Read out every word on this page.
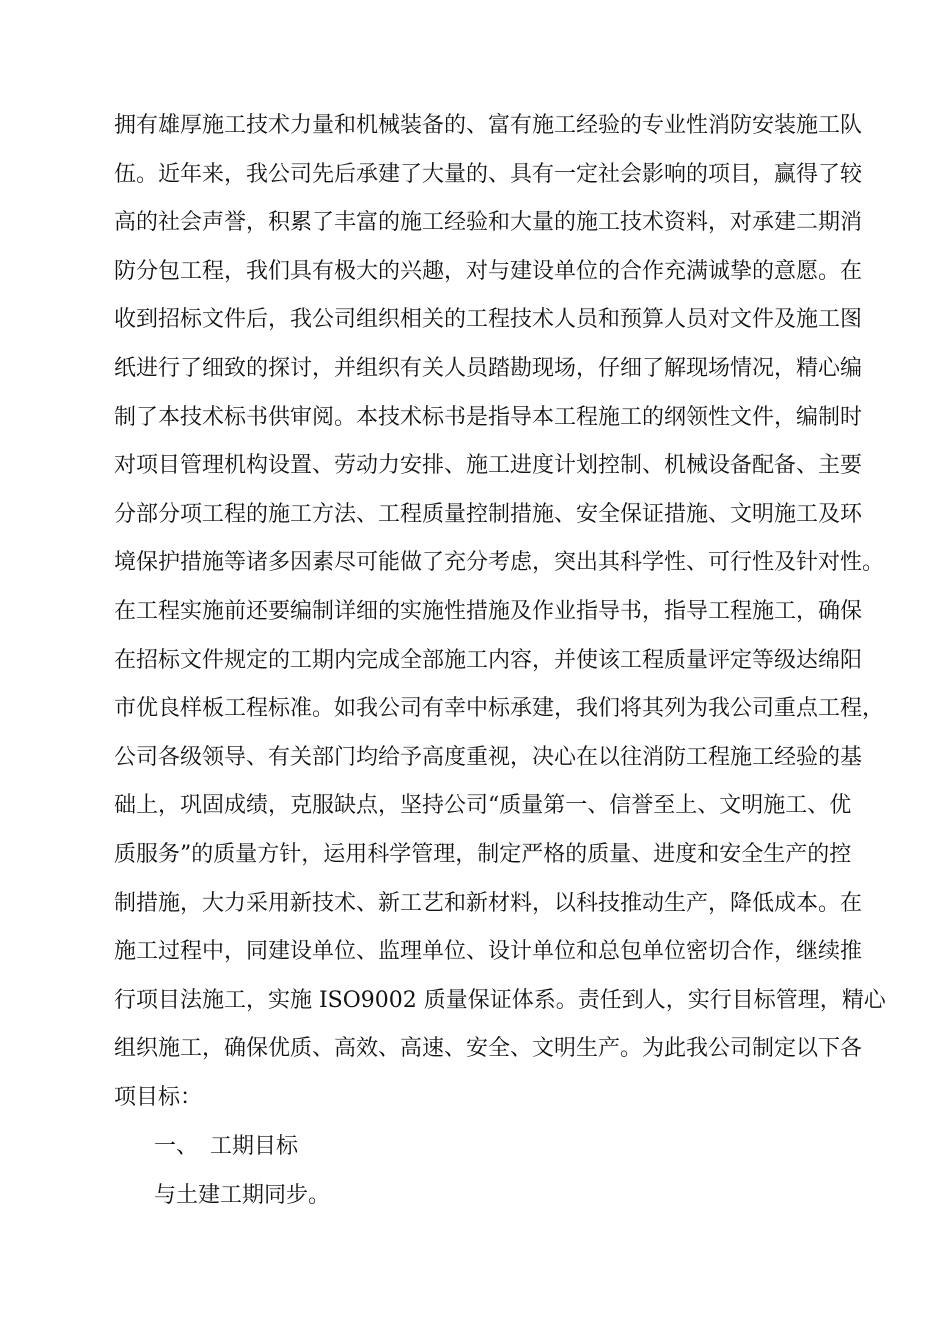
拥有雄厚施工技术力量和机械装备的、富有施工经验的专业性消防安装施工队
伍。近年来，我公司先后承建了大量的、具有一定社会影响的项目，赢得了较
高的社会声誉，积累了丰富的施工经验和大量的施工技术资料，对承建二期消
防分包工程，我们具有极大的兴趣，对与建设单位的合作充满诚挚的意愿。在
收到招标文件后，我公司组织相关的工程技术人员和预算人员对文件及施工图
纸进行了细致的探讨，并组织有关人员踏勘现场，仔细了解现场情况，精心编
制了本技术标书供审阅。本技术标书是指导本工程施工的纲领性文件，编制时
对项目管理机构设置、劳动力安排、施工进度计划控制、机械设备配备、主要
分部分项工程的施工方法、工程质量控制措施、安全保证措施、文明施工及环
境保护措施等诸多因素尽可能做了充分考虑，突出其科学性、可行性及针对性。
在工程实施前还要编制详细的实施性措施及作业指导书，指导工程施工，确保
在招标文件规定的工期内完成全部施工内容，并使该工程质量评定等级达绵阳
市优良样板工程标准。如我公司有幸中标承建，我们将其列为我公司重点工程，
公司各级领导、有关部门均给予高度重视，决心在以往消防工程施工经验的基
础上，巩固成绩，克服缺点，坚持公司“质量第一、信誉至上、文明施工、优
质服务”的质量方针，运用科学管理，制定严格的质量、进度和安全生产的控
制措施，大力采用新技术、新工艺和新材料，以科技推动生产，降低成本。在
施工过程中，同建设单位、监理单位、设计单位和总包单位密切合作，继续推
行项目法施工，实施 ISO9002 质量保证体系。责任到人，实行目标管理，精心
组织施工，确保优质、高效、高速、安全、文明生产。为此我公司制定以下各
项目标：
一、 工期目标
与土建工期同步。
